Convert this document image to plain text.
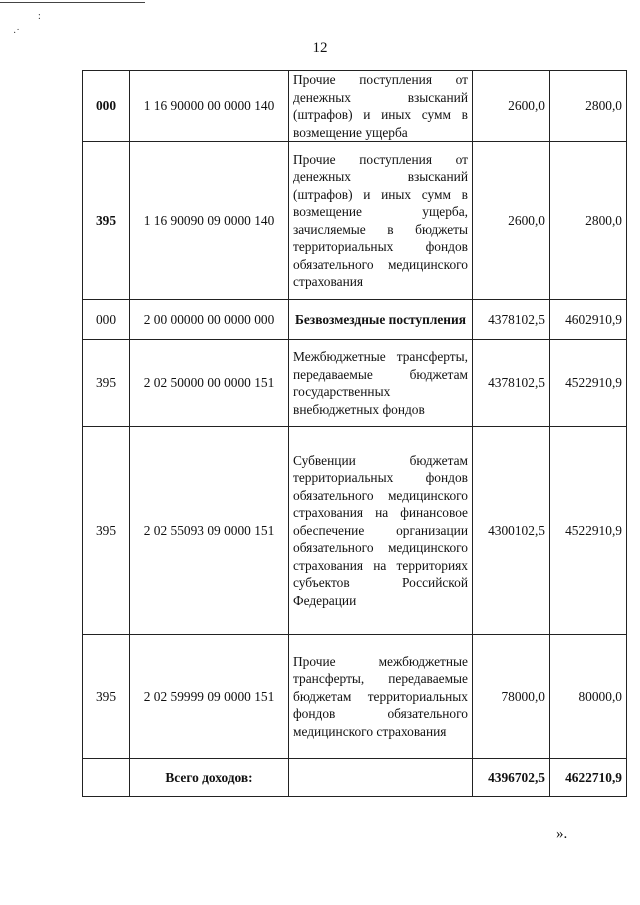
:
·˙
12
000	1 16 90000 00 0000 140	Прочие поступления от денежных взысканий (штрафов) и иных сумм в возмещение ущерба	2600,0	2800,0
395	1 16 90090 09 0000 140	Прочие поступления от денежных взысканий (штрафов) и иных сумм в возмещение ущерба, зачисляемые в бюджеты территориальных фондов обязательного медицинского страхования	2600,0	2800,0
000	2 00 00000 00 0000 000	Безвозмездные поступления	4378102,5	4602910,9
395	2 02 50000 00 0000 151	Межбюджетные трансферты, передаваемые бюджетам государственных внебюджетных фондов	4378102,5	4522910,9
395	2 02 55093 09 0000 151	Субвенции бюджетам территориальных фондов обязательного медицинского страхования на финансовое обеспечение организации обязательного медицинского страхования на территориях субъектов Российской Федерации	4300102,5	4522910,9
395	2 02 59999 09 0000 151	Прочие межбюджетные трансферты, передаваемые бюджетам территориальных фондов обязательного медицинского страхования	78000,0	80000,0
	Всего доходов:		4396702,5	4622710,9
».
